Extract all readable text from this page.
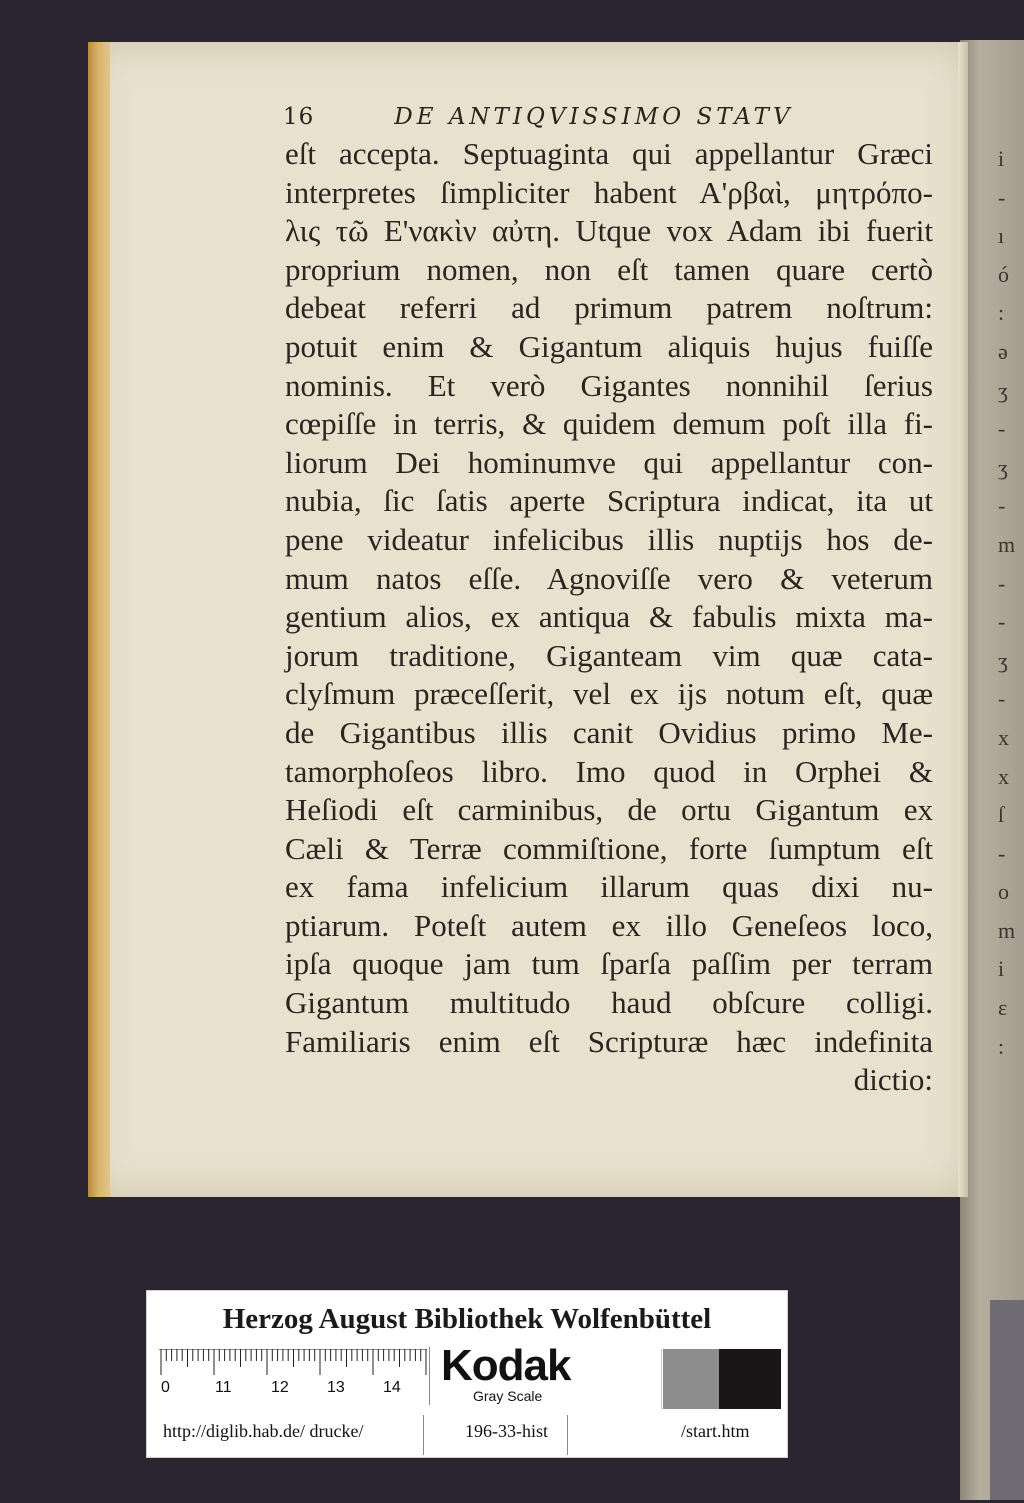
16	DE ANTIQVISSIMO STATV
eſt accepta. Septuaginta qui appellantur Græci
interpretes ſimpliciter habent A'ρβαὶ, μητρόπο-
λις τῶ Ε'νακὶν αὐτη. Utque vox Adam ibi fuerit
proprium nomen, non eſt tamen quare certò
debeat referri ad primum patrem noſtrum:
potuit enim & Gigantum aliquis hujus fuiſſe
nominis. Et verò Gigantes nonnihil ſerius
cœpiſſe in terris, & quidem demum poſt illa fi-
liorum Dei hominumve qui appellantur con-
nubia, ſic ſatis aperte Scriptura indicat, ita ut
pene videatur infelicibus illis nuptijs hos de-
mum natos eſſe. Agnoviſſe vero & veterum
gentium alios, ex antiqua & fabulis mixta ma-
jorum traditione, Giganteam vim quæ cata-
clyſmum præceſſerit, vel ex ijs notum eſt, quæ
de Gigantibus illis canit Ovidius primo Me-
tamorphoſeos libro. Imo quod in Orphei &
Heſiodi eſt carminibus, de ortu Gigantum ex
Cæli & Terræ commiſtione, forte ſumptum eſt
ex fama infelicium illarum quas dixi nu-
ptiarum. Poteſt autem ex illo Geneſeos loco,
ipſa quoque jam tum ſparſa paſſim per terram
Gigantum multitudo haud obſcure colligi.
Familiaris enim eſt Scripturæ hæc indefinita
dictio:
i
-
ı
ó
:
ə
ʒ
-
ʒ
-
m
-
-
ʒ
-
x
x
ſ
-
o
m
i
ɛ
:
Herzog August Bibliothek Wolfenbüttel
0	11 12 13 14 Kodak
Gray Scale
http://diglib.hab.de/ drucke/	196-33-hist	/start.htm
